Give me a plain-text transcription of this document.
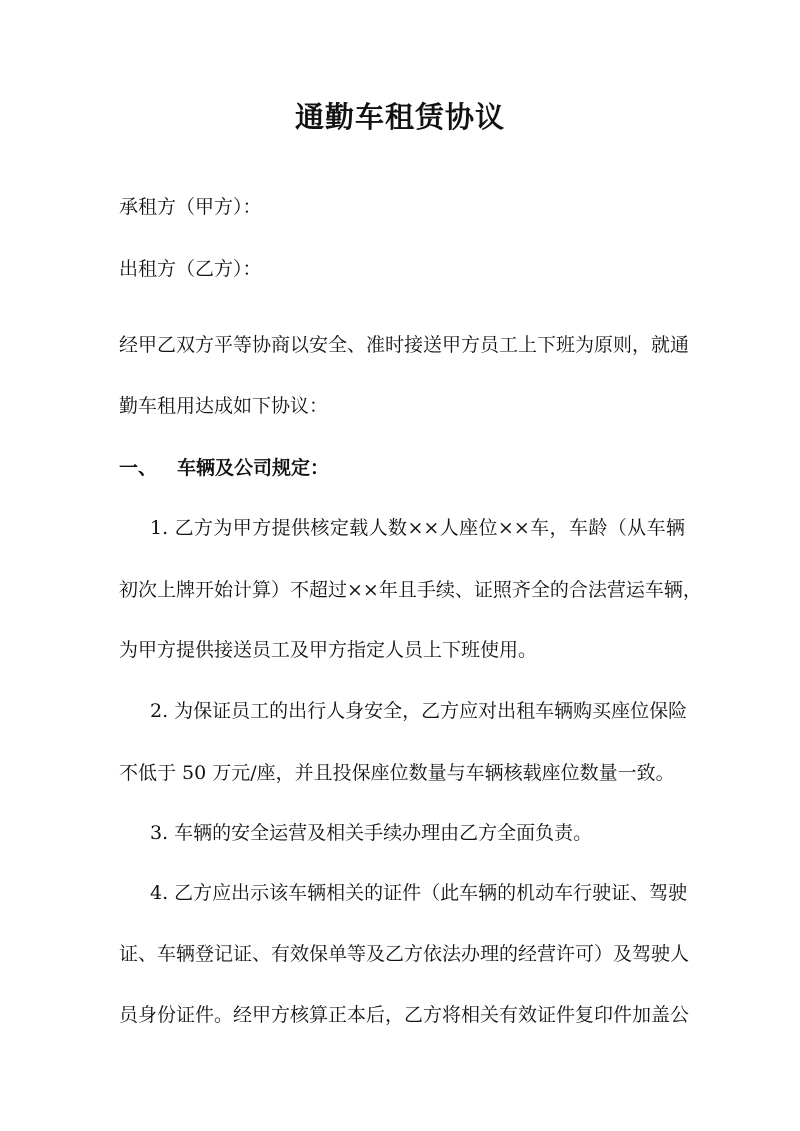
通勤车租赁协议

承租方（甲方）：

出租方（乙方）：

经甲乙双方平等协商以安全、准时接送甲方员工上下班为原则，就通

勤车租用达成如下协议：

一、 车辆及公司规定：

1. 乙方为甲方提供核定载人数××人座位××车，车龄（从车辆

初次上牌开始计算）不超过××年且手续、证照齐全的合法营运车辆，

为甲方提供接送员工及甲方指定人员上下班使用。

2. 为保证员工的出行人身安全，乙方应对出租车辆购买座位保险

不低于 50 万元/座，并且投保座位数量与车辆核载座位数量一致。

3. 车辆的安全运营及相关手续办理由乙方全面负责。

4. 乙方应出示该车辆相关的证件（此车辆的机动车行驶证、驾驶

证、车辆登记证、有效保单等及乙方依法办理的经营许可）及驾驶人

员身份证件。经甲方核算正本后，乙方将相关有效证件复印件加盖公
